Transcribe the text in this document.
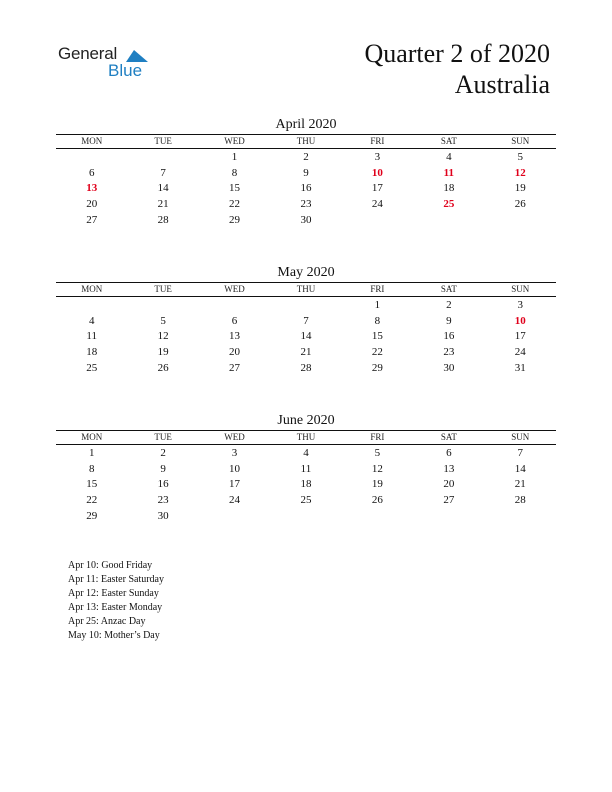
General
Blue
Quarter 2 of 2020
Australia
April 2020
MON	TUE	WED	THU	FRI	SAT	SUN
		1	2	3	4	5
6	7	8	9	10	11	12
13	14	15	16	17	18	19
20	21	22	23	24	25	26
27	28	29	30			
May 2020
MON	TUE	WED	THU	FRI	SAT	SUN
				1	2	3
4	5	6	7	8	9	10
11	12	13	14	15	16	17
18	19	20	21	22	23	24
25	26	27	28	29	30	31
June 2020
MON	TUE	WED	THU	FRI	SAT	SUN
1	2	3	4	5	6	7
8	9	10	11	12	13	14
15	16	17	18	19	20	21
22	23	24	25	26	27	28
29	30					
Apr 10: Good Friday
Apr 11: Easter Saturday
Apr 12: Easter Sunday
Apr 13: Easter Monday
Apr 25: Anzac Day
May 10: Mother’s Day
